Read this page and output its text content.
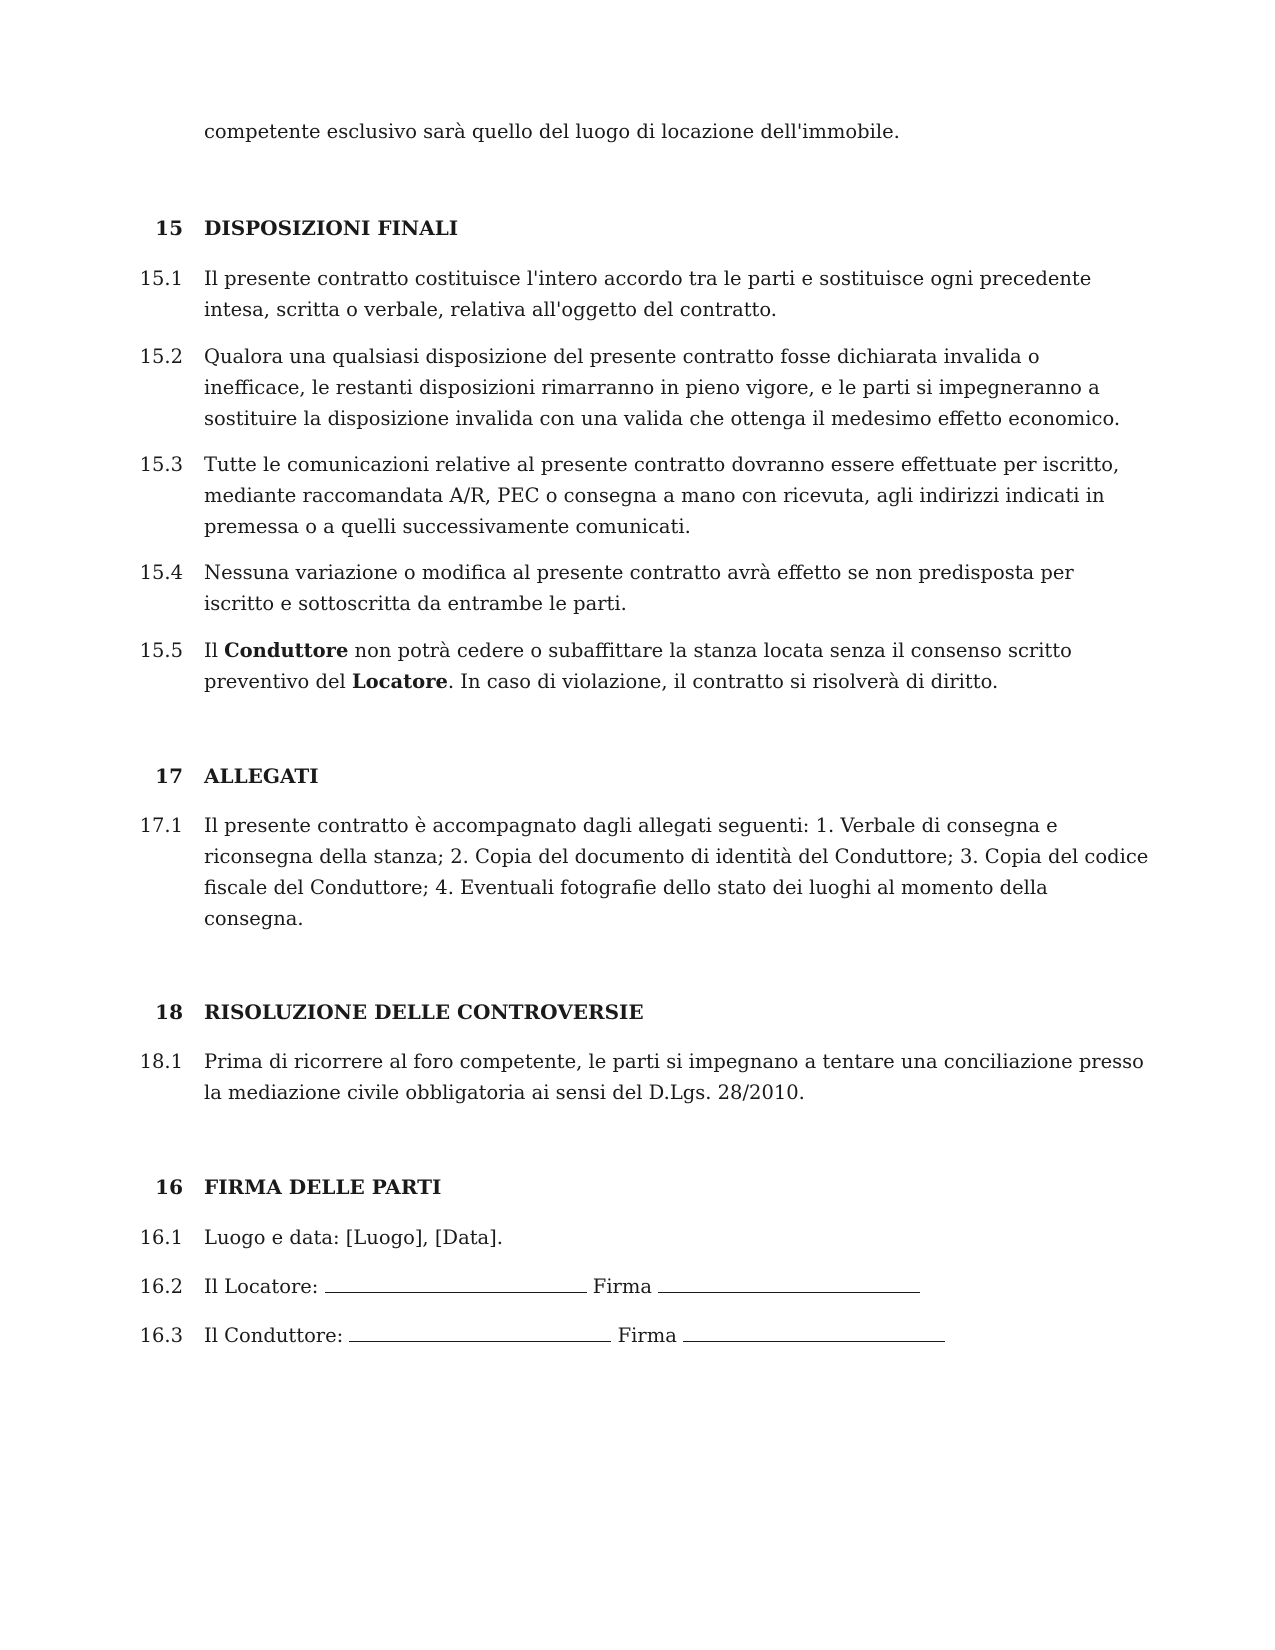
competente esclusivo sarà quello del luogo di locazione dell'immobile.
15 DISPOSIZIONI FINALI
15.1 Il presente contratto costituisce l'intero accordo tra le parti e sostituisce ogni precedente
intesa, scritta o verbale, relativa all'oggetto del contratto.
15.2 Qualora una qualsiasi disposizione del presente contratto fosse dichiarata invalida o
inefficace, le restanti disposizioni rimarranno in pieno vigore, e le parti si impegneranno a
sostituire la disposizione invalida con una valida che ottenga il medesimo effetto economico.
15.3 Tutte le comunicazioni relative al presente contratto dovranno essere effettuate per iscritto,
mediante raccomandata A/R, PEC o consegna a mano con ricevuta, agli indirizzi indicati in
premessa o a quelli successivamente comunicati.
15.4 Nessuna variazione o modifica al presente contratto avrà effetto se non predisposta per
iscritto e sottoscritta da entrambe le parti.
15.5 Il Conduttore non potrà cedere o subaffittare la stanza locata senza il consenso scritto
preventivo del Locatore. In caso di violazione, il contratto si risolverà di diritto.
17 ALLEGATI
17.1 Il presente contratto è accompagnato dagli allegati seguenti: 1. Verbale di consegna e
riconsegna della stanza; 2. Copia del documento di identità del Conduttore; 3. Copia del codice
fiscale del Conduttore; 4. Eventuali fotografie dello stato dei luoghi al momento della
consegna.
18 RISOLUZIONE DELLE CONTROVERSIE
18.1 Prima di ricorrere al foro competente, le parti si impegnano a tentare una conciliazione presso
la mediazione civile obbligatoria ai sensi del D.Lgs. 28/2010.
16 FIRMA DELLE PARTI
16.1 Luogo e data: [Luogo], [Data].
16.2 Il Locatore:	Firma
16.3 Il Conduttore:	Firma
